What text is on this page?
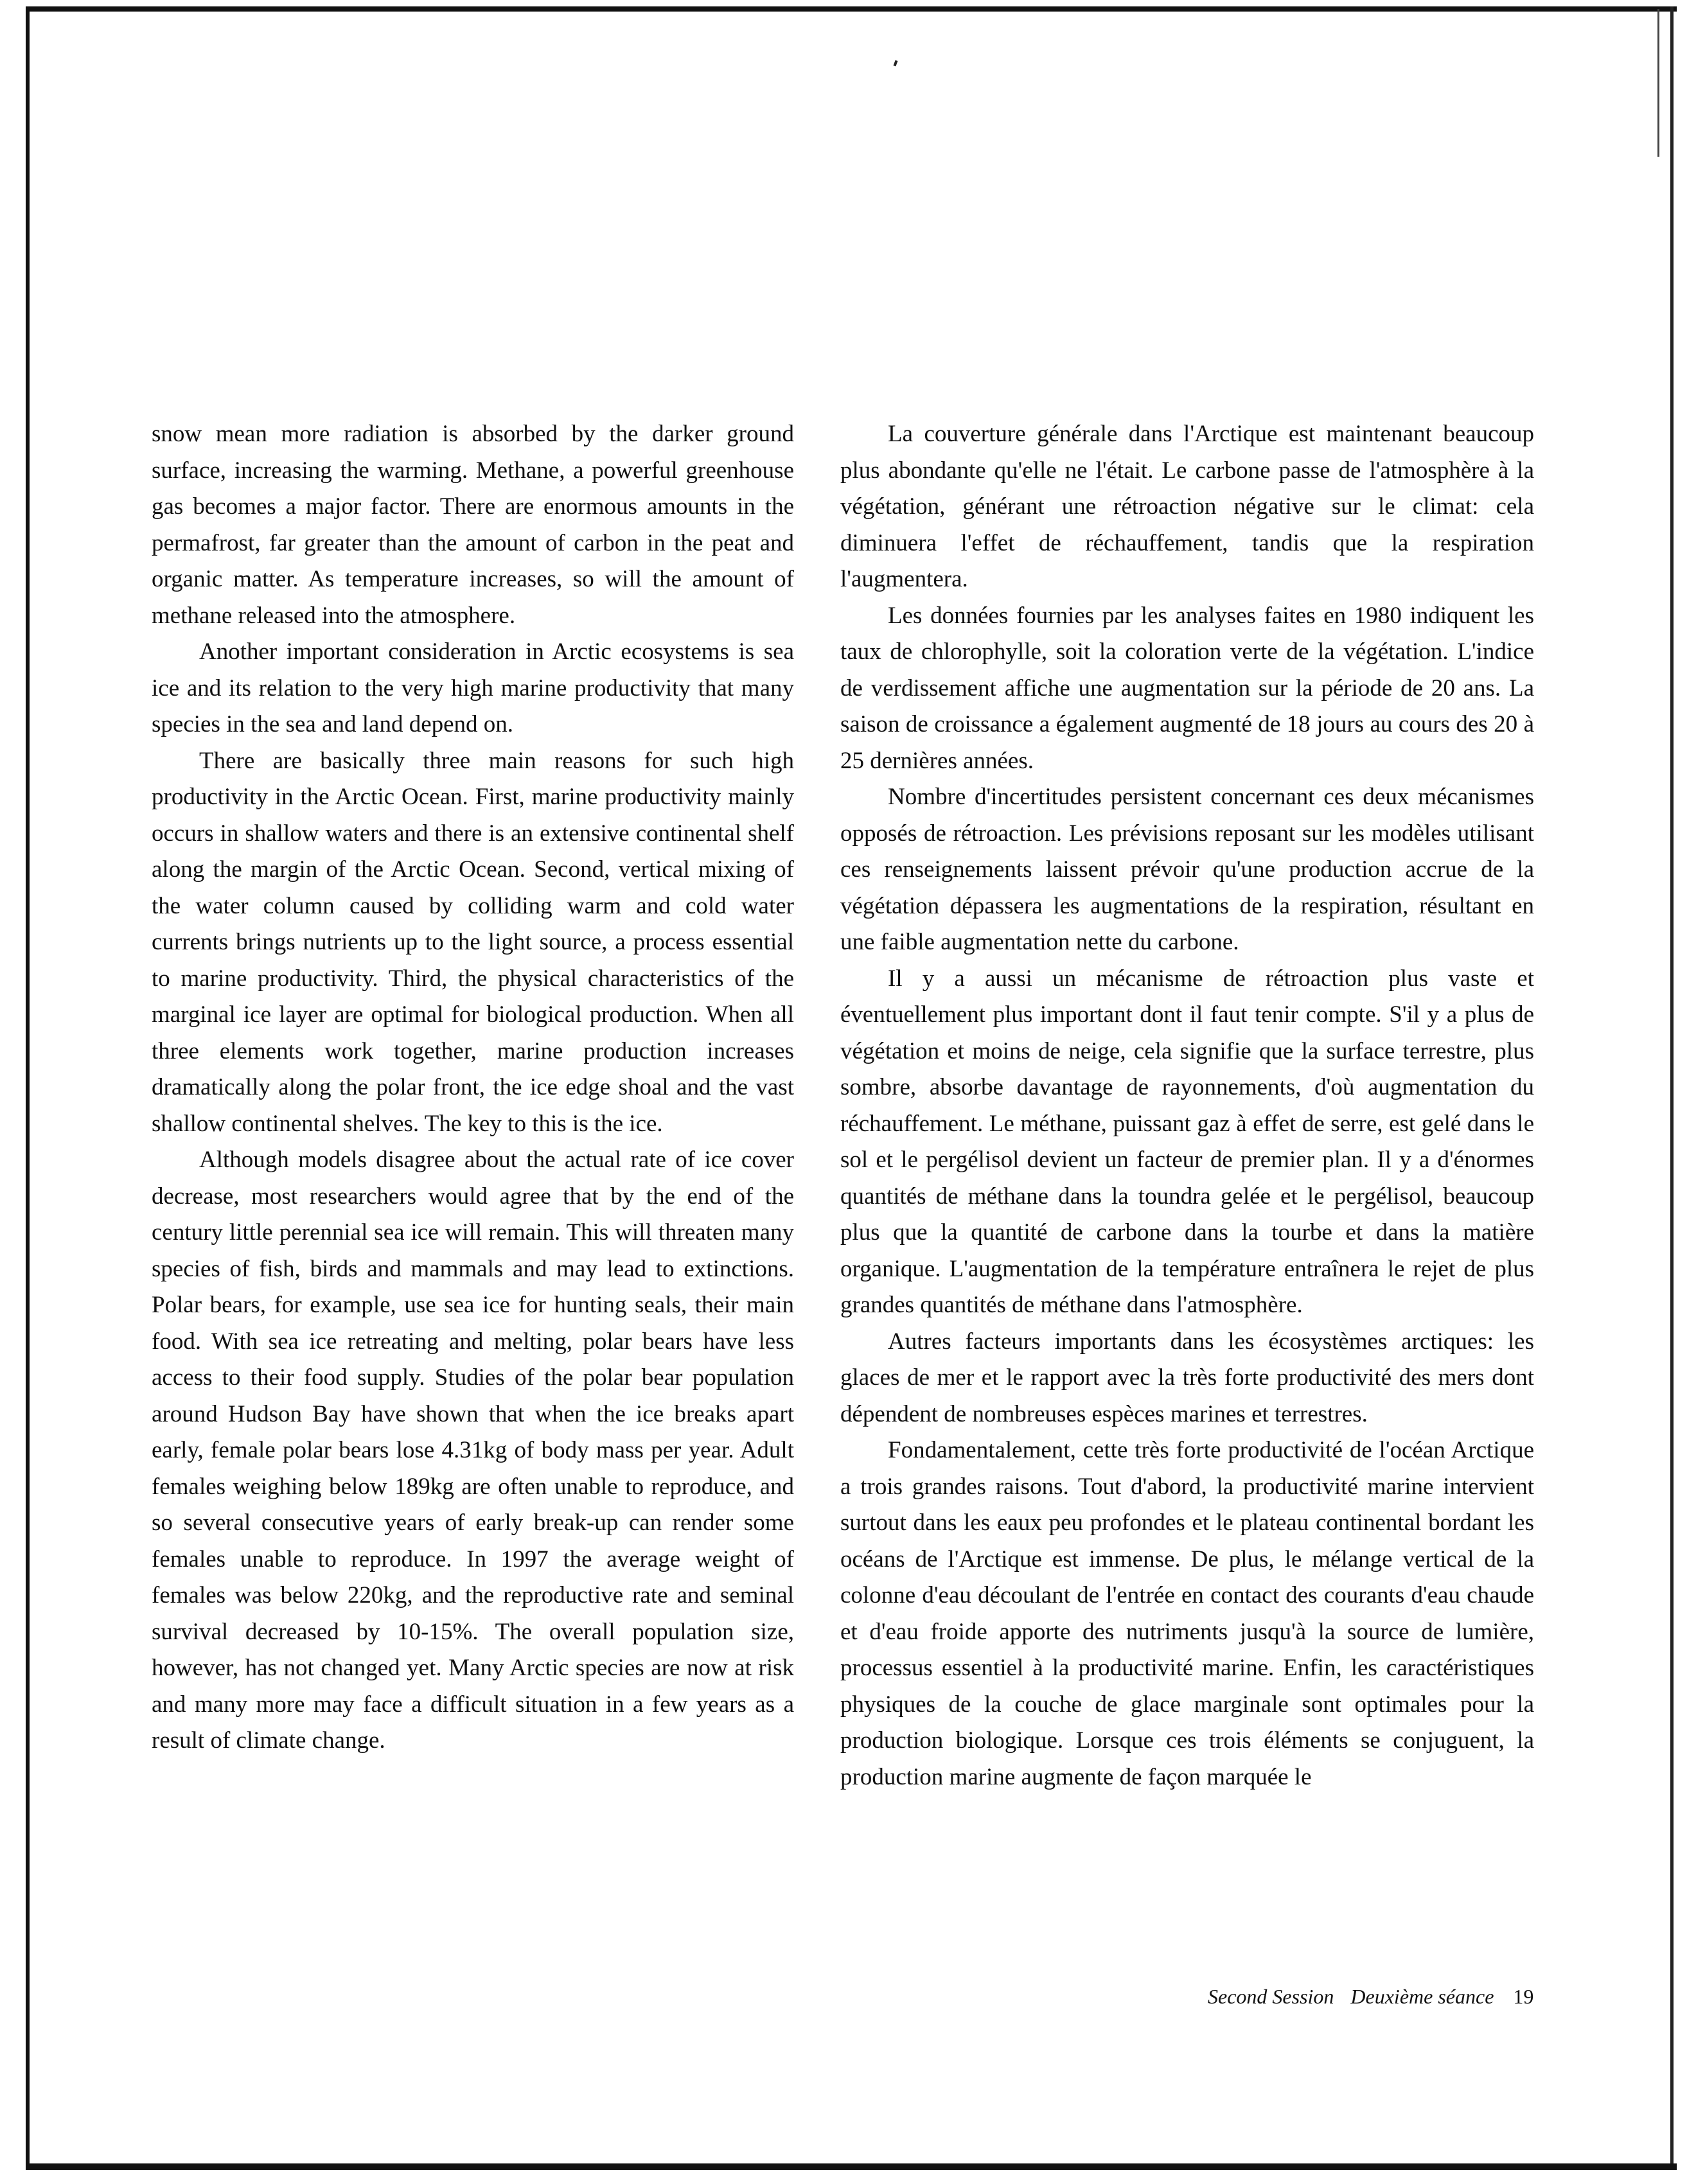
snow mean more radiation is absorbed by the darker ground surface, increasing the warming. Methane, a powerful greenhouse gas becomes a major factor. There are enormous amounts in the permafrost, far greater than the amount of carbon in the peat and organic matter. As temperature increases, so will the amount of methane released into the atmosphere.

Another important consideration in Arctic ecosystems is sea ice and its relation to the very high marine productivity that many species in the sea and land depend on.

There are basically three main reasons for such high productivity in the Arctic Ocean. First, marine productivity mainly occurs in shallow waters and there is an extensive continental shelf along the margin of the Arctic Ocean. Second, vertical mixing of the water column caused by colliding warm and cold water currents brings nutrients up to the light source, a process essential to marine productivity. Third, the physical characteristics of the marginal ice layer are optimal for biological production. When all three elements work together, marine production increases dramatically along the polar front, the ice edge shoal and the vast shallow continental shelves. The key to this is the ice.

Although models disagree about the actual rate of ice cover decrease, most researchers would agree that by the end of the century little perennial sea ice will remain. This will threaten many species of fish, birds and mammals and may lead to extinctions. Polar bears, for example, use sea ice for hunting seals, their main food. With sea ice retreating and melting, polar bears have less access to their food supply. Studies of the polar bear population around Hudson Bay have shown that when the ice breaks apart early, female polar bears lose 4.31kg of body mass per year. Adult females weighing below 189kg are often unable to reproduce, and so several consecutive years of early break-up can render some females unable to reproduce. In 1997 the average weight of females was below 220kg, and the reproductive rate and seminal survival decreased by 10-15%. The overall population size, however, has not changed yet. Many Arctic species are now at risk and many more may face a difficult situation in a few years as a result of climate change.

La couverture générale dans l'Arctique est maintenant beaucoup plus abondante qu'elle ne l'était. Le carbone passe de l'atmosphère à la végétation, générant une rétroaction négative sur le climat: cela diminuera l'effet de réchauffement, tandis que la respiration l'augmentera.

Les données fournies par les analyses faites en 1980 indiquent les taux de chlorophylle, soit la coloration verte de la végétation. L'indice de verdissement affiche une augmentation sur la période de 20 ans. La saison de croissance a également augmenté de 18 jours au cours des 20 à 25 dernières années.

Nombre d'incertitudes persistent concernant ces deux mécanismes opposés de rétroaction. Les prévisions reposant sur les modèles utilisant ces renseignements laissent prévoir qu'une production accrue de la végétation dépassera les augmentations de la respiration, résultant en une faible augmentation nette du carbone.

Il y a aussi un mécanisme de rétroaction plus vaste et éventuellement plus important dont il faut tenir compte. S'il y a plus de végétation et moins de neige, cela signifie que la surface terrestre, plus sombre, absorbe davantage de rayonnements, d'où augmentation du réchauffement. Le méthane, puissant gaz à effet de serre, est gelé dans le sol et le pergélisol devient un facteur de premier plan. Il y a d'énormes quantités de méthane dans la toundra gelée et le pergélisol, beaucoup plus que la quantité de carbone dans la tourbe et dans la matière organique. L'augmentation de la température entraînera le rejet de plus grandes quantités de méthane dans l'atmosphère.

Autres facteurs importants dans les écosystèmes arctiques: les glaces de mer et le rapport avec la très forte productivité des mers dont dépendent de nombreuses espèces marines et terrestres.

Fondamentalement, cette très forte productivité de l'océan Arctique a trois grandes raisons. Tout d'abord, la productivité marine intervient surtout dans les eaux peu profondes et le plateau continental bordant les océans de l'Arctique est immense. De plus, le mélange vertical de la colonne d'eau découlant de l'entrée en contact des courants d'eau chaude et d'eau froide apporte des nutriments jusqu'à la source de lumière, processus essentiel à la productivité marine. Enfin, les caractéristiques physiques de la couche de glace marginale sont optimales pour la production biologique. Lorsque ces trois éléments se conjuguent, la production marine augmente de façon marquée le

Second Session Deuxième séance 19
